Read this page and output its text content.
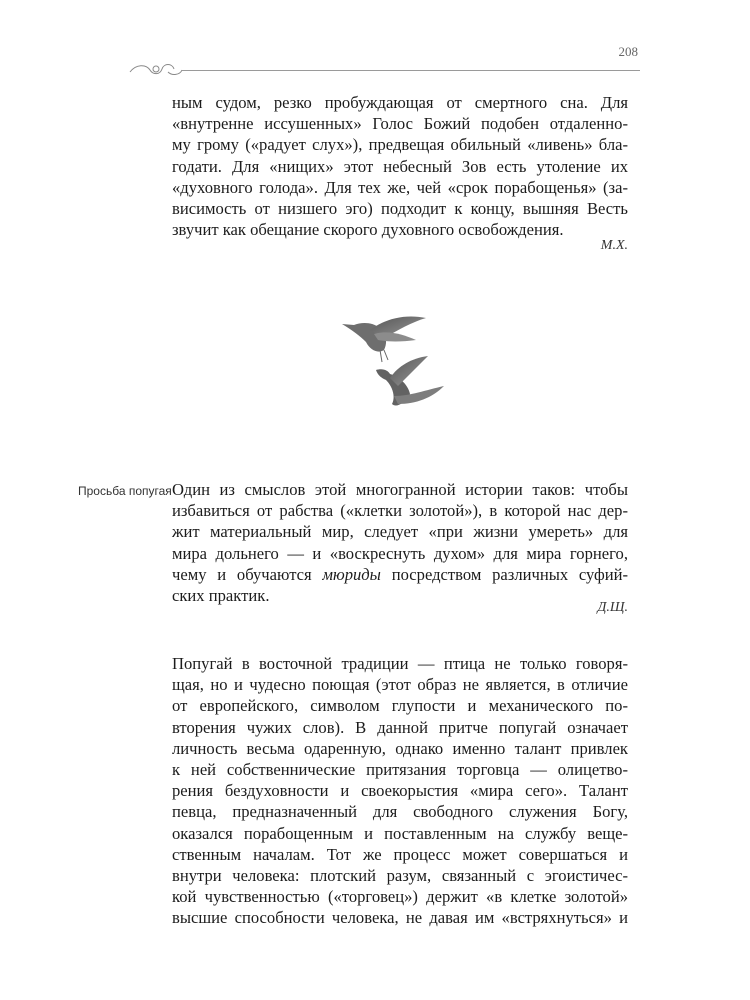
208

ным судом, резко пробуждающая от смертного сна. Для

«внутренне иссушенных» Голос Божий подобен отдаленно-

му грому («радует слух»), предвещая обильный «ливень» бла-

годати. Для «нищих» этот небесный Зов есть утоление их

«духовного голода». Для тех же, чей «срок порабощенья» (за-

висимость от низшего эго) подходит к концу, вышняя Весть

звучит как обещание скорого духовного освобождения.

М.Х.
Просьба попугая Один из смыслов этой многогранной истории таков: чтобы

избавиться от рабства («клетки золотой»), в которой нас дер-

жит материальный мир, следует «при жизни умереть» для

мира дольнего — и «воскреснуть духом» для мира горнего,

чему и обучаются мюриды посредством различных суфий-

ских практик.

Д.Щ.

Попугай в восточной традиции — птица не только говоря-

щая, но и чудесно поющая (этот образ не является, в отличие

от европейского, символом глупости и механического по-

вторения чужих слов). В данной притче попугай означает

личность весьма одаренную, однако именно талант привлек

к ней собственнические притязания торговца — олицетво-

рения бездуховности и своекорыстия «мира сего». Талант

певца, предназначенный для свободного служения Богу,

оказался порабощенным и поставленным на службу веще-

ственным началам. Тот же процесс может совершаться и

внутри человека: плотский разум, связанный с эгоистичес-

кой чувственностью («торговец») держит «в клетке золотой»

высшие способности человека, не давая им «встряхнуться» и
